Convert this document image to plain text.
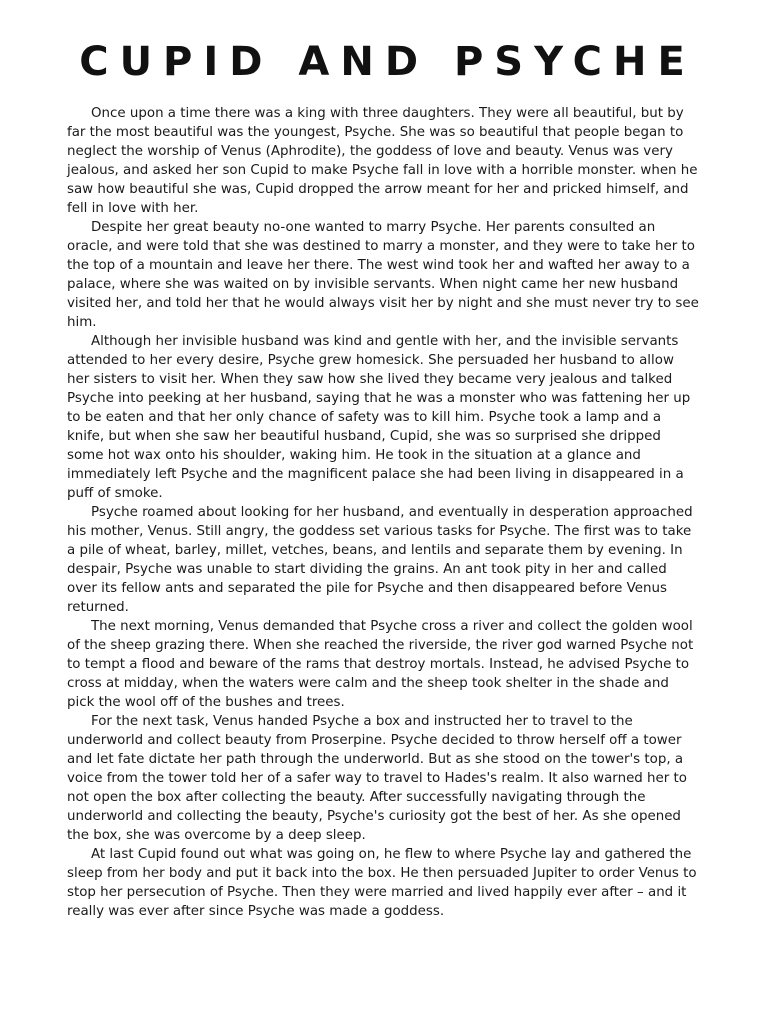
CUPID AND PSYCHE

Once upon a time there was a king with three daughters. They were all beautiful, but by far the most beautiful was the youngest, Psyche. She was so beautiful that people began to neglect the worship of Venus (Aphrodite), the goddess of love and beauty. Venus was very jealous, and asked her son Cupid to make Psyche fall in love with a horrible monster. when he saw how beautiful she was, Cupid dropped the arrow meant for her and pricked himself, and fell in love with her.

Despite her great beauty no-one wanted to marry Psyche. Her parents consulted an oracle, and were told that she was destined to marry a monster, and they were to take her to the top of a mountain and leave her there. The west wind took her and wafted her away to a palace, where she was waited on by invisible servants. When night came her new husband visited her, and told her that he would always visit her by night and she must never try to see him.

Although her invisible husband was kind and gentle with her, and the invisible servants attended to her every desire, Psyche grew homesick. She persuaded her husband to allow her sisters to visit her. When they saw how she lived they became very jealous and talked Psyche into peeking at her husband, saying that he was a monster who was fattening her up to be eaten and that her only chance of safety was to kill him. Psyche took a lamp and a knife, but when she saw her beautiful husband, Cupid, she was so surprised she dripped some hot wax onto his shoulder, waking him. He took in the situation at a glance and immediately left Psyche and the magnificent palace she had been living in disappeared in a puff of smoke.

Psyche roamed about looking for her husband, and eventually in desperation approached his mother, Venus. Still angry, the goddess set various tasks for Psyche. The first was to take a pile of wheat, barley, millet, vetches, beans, and lentils and separate them by evening. In despair, Psyche was unable to start dividing the grains. An ant took pity in her and called over its fellow ants and separated the pile for Psyche and then disappeared before Venus returned.

The next morning, Venus demanded that Psyche cross a river and collect the golden wool of the sheep grazing there. When she reached the riverside, the river god warned Psyche not to tempt a flood and beware of the rams that destroy mortals. Instead, he advised Psyche to cross at midday, when the waters were calm and the sheep took shelter in the shade and pick the wool off of the bushes and trees.

For the next task, Venus handed Psyche a box and instructed her to travel to the underworld and collect beauty from Proserpine. Psyche decided to throw herself off a tower and let fate dictate her path through the underworld. But as she stood on the tower's top, a voice from the tower told her of a safer way to travel to Hades's realm. It also warned her to not open the box after collecting the beauty. After successfully navigating through the underworld and collecting the beauty, Psyche's curiosity got the best of her. As she opened the box, she was overcome by a deep sleep.

At last Cupid found out what was going on, he flew to where Psyche lay and gathered the sleep from her body and put it back into the box. He then persuaded Jupiter to order Venus to stop her persecution of Psyche. Then they were married and lived happily ever after – and it really was ever after since Psyche was made a goddess.
